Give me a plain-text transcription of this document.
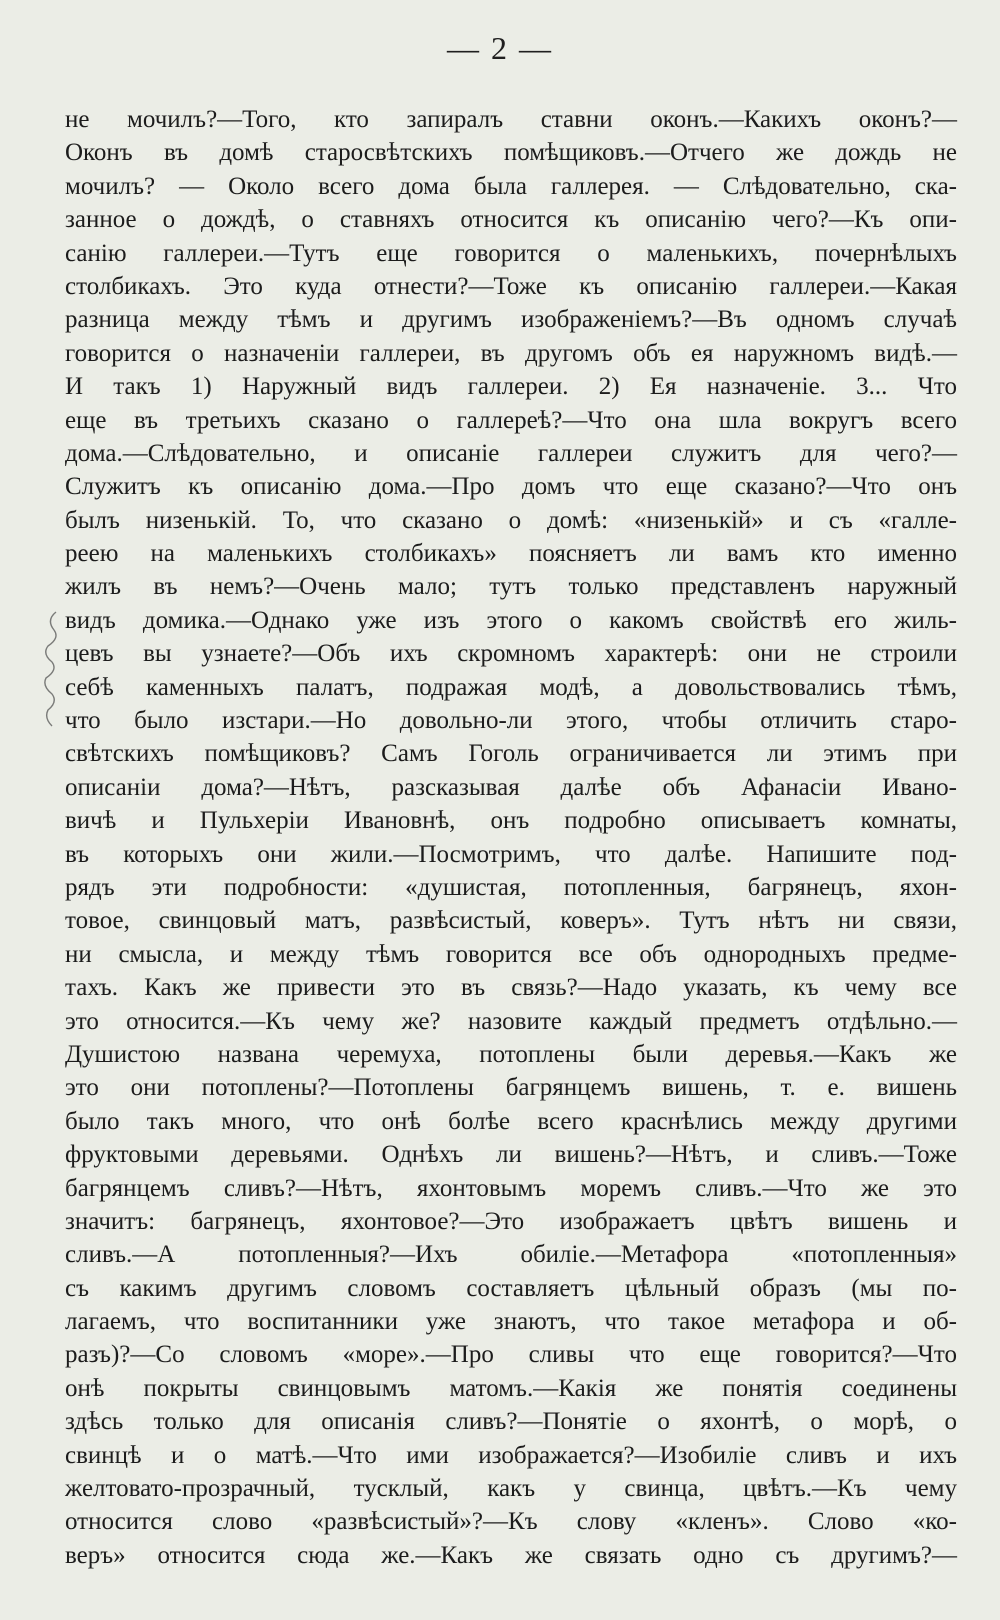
— 2 —
не мочилъ?—Того, кто запиралъ ставни оконъ.—Какихъ оконъ?—
Оконъ въ домѣ старосвѣтскихъ помѣщиковъ.—Отчего же дождь не
мочилъ? — Около всего дома была галлерея. — Слѣдовательно, ска-
занное о дождѣ, о ставняхъ относится къ описанію чего?—Къ опи-
санію галлереи.—Тутъ еще говорится о маленькихъ, почернѣлыхъ
столбикахъ. Это куда отнести?—Тоже къ описанію галлереи.—Какая
разница между тѣмъ и другимъ изображеніемъ?—Въ одномъ случаѣ
говорится о назначеніи галлереи, въ другомъ объ ея наружномъ видѣ.—
И такъ 1) Наружный видъ галлереи. 2) Ея назначеніе. 3... Что
еще въ третьихъ сказано о галлереѣ?—Что она шла вокругъ всего
дома.—Слѣдовательно, и описаніе галлереи служитъ для чего?—
Служитъ къ описанію дома.—Про домъ что еще сказано?—Что онъ
былъ низенькій. То, что сказано о домѣ: «низенькій» и съ «галле-
реею на маленькихъ столбикахъ» поясняетъ ли вамъ кто именно
жилъ въ немъ?—Очень мало; тутъ только представленъ наружный
видъ домика.—Однако уже изъ этого о какомъ свойствѣ его жиль-
цевъ вы узнаете?—Объ ихъ скромномъ характерѣ: они не строили
себѣ каменныхъ палатъ, подражая модѣ, а довольствовались тѣмъ,
что было изстари.—Но довольно-ли этого, чтобы отличить старо-
свѣтскихъ помѣщиковъ? Самъ Гоголь ограничивается ли этимъ при
описаніи дома?—Нѣтъ, разсказывая далѣе объ Афанасіи Ивано-
вичѣ и Пульхеріи Ивановнѣ, онъ подробно описываетъ комнаты,
въ которыхъ они жили.—Посмотримъ, что далѣе. Напишите под-
рядъ эти подробности: «душистая, потопленныя, багрянецъ, яхон-
товое, свинцовый матъ, развѣсистый, коверъ». Тутъ нѣтъ ни связи,
ни смысла, и между тѣмъ говорится все объ однородныхъ предме-
тахъ. Какъ же привести это въ связь?—Надо указать, къ чему все
это относится.—Къ чему же? назовите каждый предметъ отдѣльно.—
Душистою названа черемуха, потоплены были деревья.—Какъ же
это они потоплены?—Потоплены багрянцемъ вишень, т. е. вишень
было такъ много, что онѣ болѣе всего краснѣлись между другими
фруктовыми деревьями. Однѣхъ ли вишень?—Нѣтъ, и сливъ.—Тоже
багрянцемъ сливъ?—Нѣтъ, яхонтовымъ моремъ сливъ.—Что же это
значитъ: багрянецъ, яхонтовое?—Это изображаетъ цвѣтъ вишень и
сливъ.—А потопленныя?—Ихъ обиліе.—Метафора «потопленныя»
съ какимъ другимъ словомъ составляетъ цѣльный образъ (мы по-
лагаемъ, что воспитанники уже знаютъ, что такое метафора и об-
разъ)?—Со словомъ «море».—Про сливы что еще говорится?—Что
онѣ покрыты свинцовымъ матомъ.—Какія же понятія соединены
здѣсь только для описанія сливъ?—Понятіе о яхонтѣ, о морѣ, о
свинцѣ и о матѣ.—Что ими изображается?—Изобиліе сливъ и ихъ
желтовато-прозрачный, тусклый, какъ у свинца, цвѣтъ.—Къ чему
относится слово «развѣсистый»?—Къ слову «кленъ». Слово «ко-
веръ» относится сюда же.—Какъ же связать одно съ другимъ?—
